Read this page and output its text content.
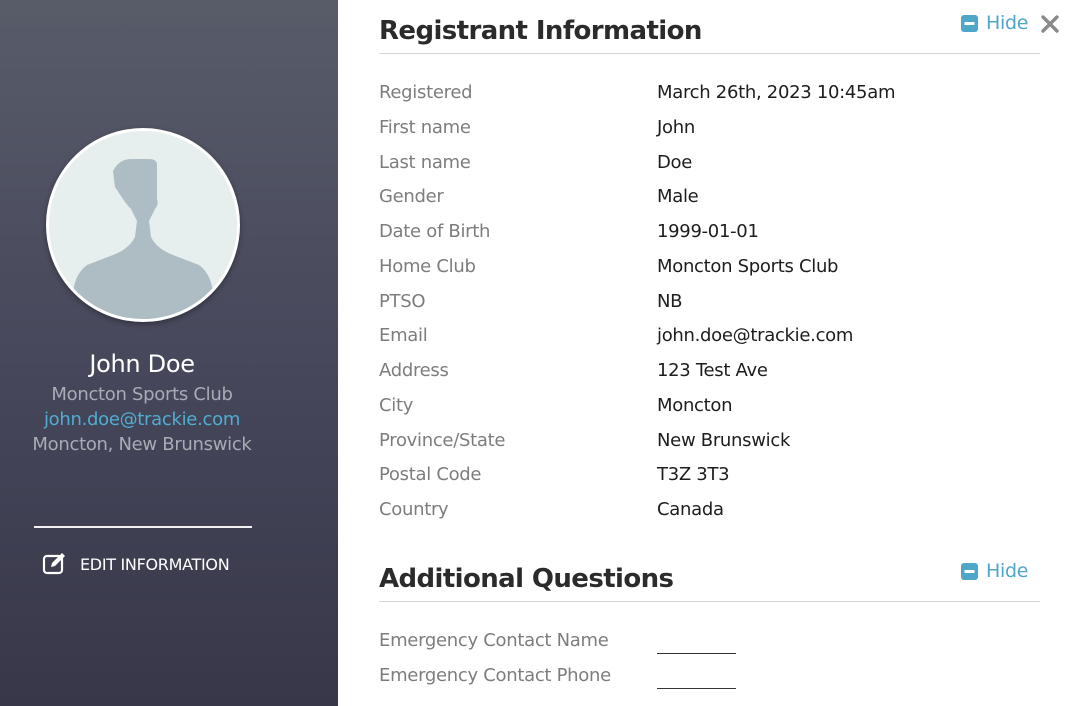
John Doe
Moncton Sports Club
john.doe@trackie.com
Moncton, New Brunswick
EDIT INFORMATION
Registrant Information	Hide
Registered	March 26th, 2023 10:45am
First name	John
Last name	Doe
Gender	Male
Date of Birth	1999-01-01
Home Club	Moncton Sports Club
PTSO	NB
Email	john.doe@trackie.com
Address	123 Test Ave
City	Moncton
Province/State	New Brunswick
Postal Code	T3Z 3T3
Country	Canada
Additional Questions	Hide
Emergency Contact Name
Emergency Contact Phone
